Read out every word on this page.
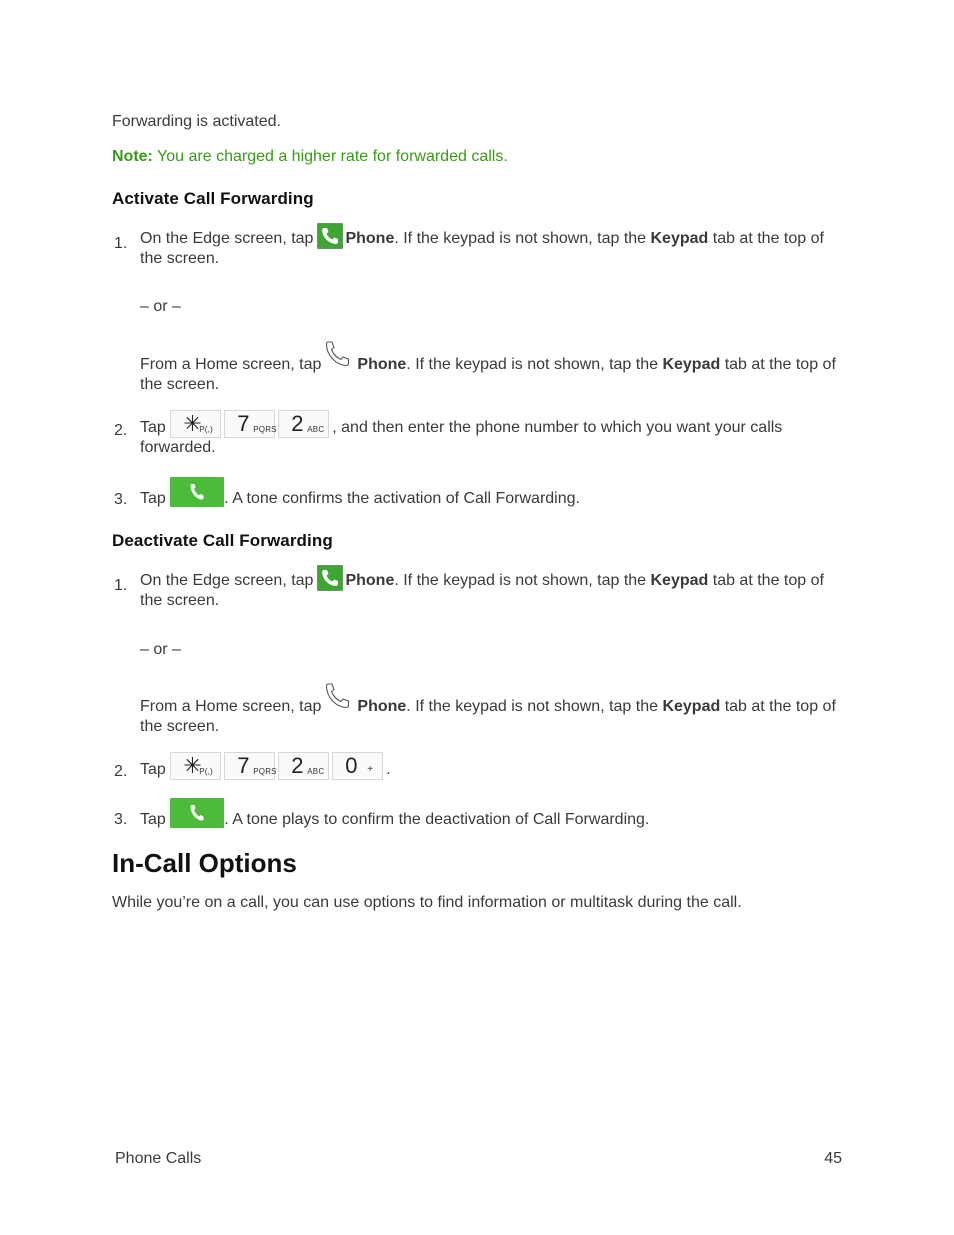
Forwarding is activated.
Note: You are charged a higher rate for forwarded calls.
Activate Call Forwarding
1. On the Edge screen, tap Phone. If the keypad is not shown, tap the Keypad tab at the top of the screen.
– or –
From a Home screen, tap Phone. If the keypad is not shown, tap the Keypad tab at the top of the screen.
2. Tap ✳
P(,) 7 PQRS 2 ABC , and then enter the phone number to which you want your calls forwarded.
3. Tap	. A tone confirms the activation of Call Forwarding.
Deactivate Call Forwarding
1. On the Edge screen, tap Phone. If the keypad is not shown, tap the Keypad tab at the top of the screen.
– or –
From a Home screen, tap Phone. If the keypad is not shown, tap the Keypad tab at the top of the screen.
2. Tap ✳
P(,) 7 PQRS 2 ABC 0 + .
3. Tap	. A tone plays to confirm the deactivation of Call Forwarding.
In-Call Options
While you’re on a call, you can use options to find information or multitask during the call.
Phone Calls	45
